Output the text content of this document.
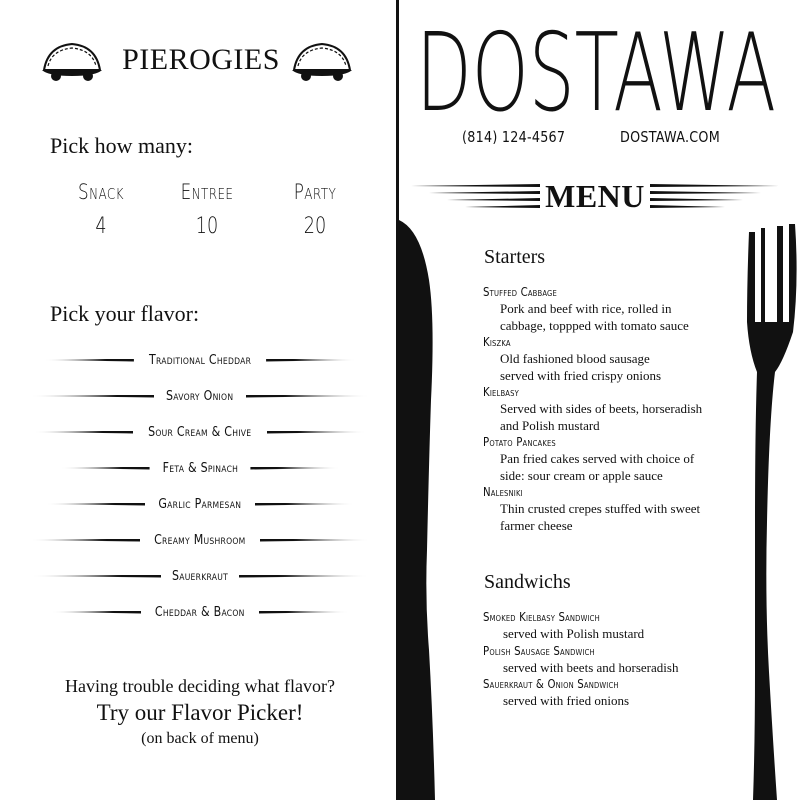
PIEROGIES
Pick how many:
Snack
4
Entree
10
Party
20
Pick your flavor:
Traditional Cheddar
Savory Onion
Sour Cream & Chive
Feta & Spinach
Garlic Parmesan
Creamy Mushroom
Sauerkraut
Cheddar & Bacon
Having trouble deciding what flavor?
Try our Flavor Picker!
(on back of menu)
DOSTAWA
(814) 124-4567	DOSTAWA.COM
MENU
Starters
Stuffed Cabbage
Pork and beef with rice, rolled in
cabbage, toppped with tomato sauce
Kiszka
Old fashioned blood sausage
served with fried crispy onions
Kielbasy
Served with sides of beets, horseradish
and Polish mustard
Potato Pancakes
Pan fried cakes served with choice of
side: sour cream or apple sauce
Nalesniki
Thin crusted crepes stuffed with sweet
farmer cheese
Sandwichs
Smoked Kielbasy Sandwich
served with Polish mustard
Polish Sausage Sandwich
served with beets and horseradish
Sauerkraut & Onion Sandwich
served with fried onions
